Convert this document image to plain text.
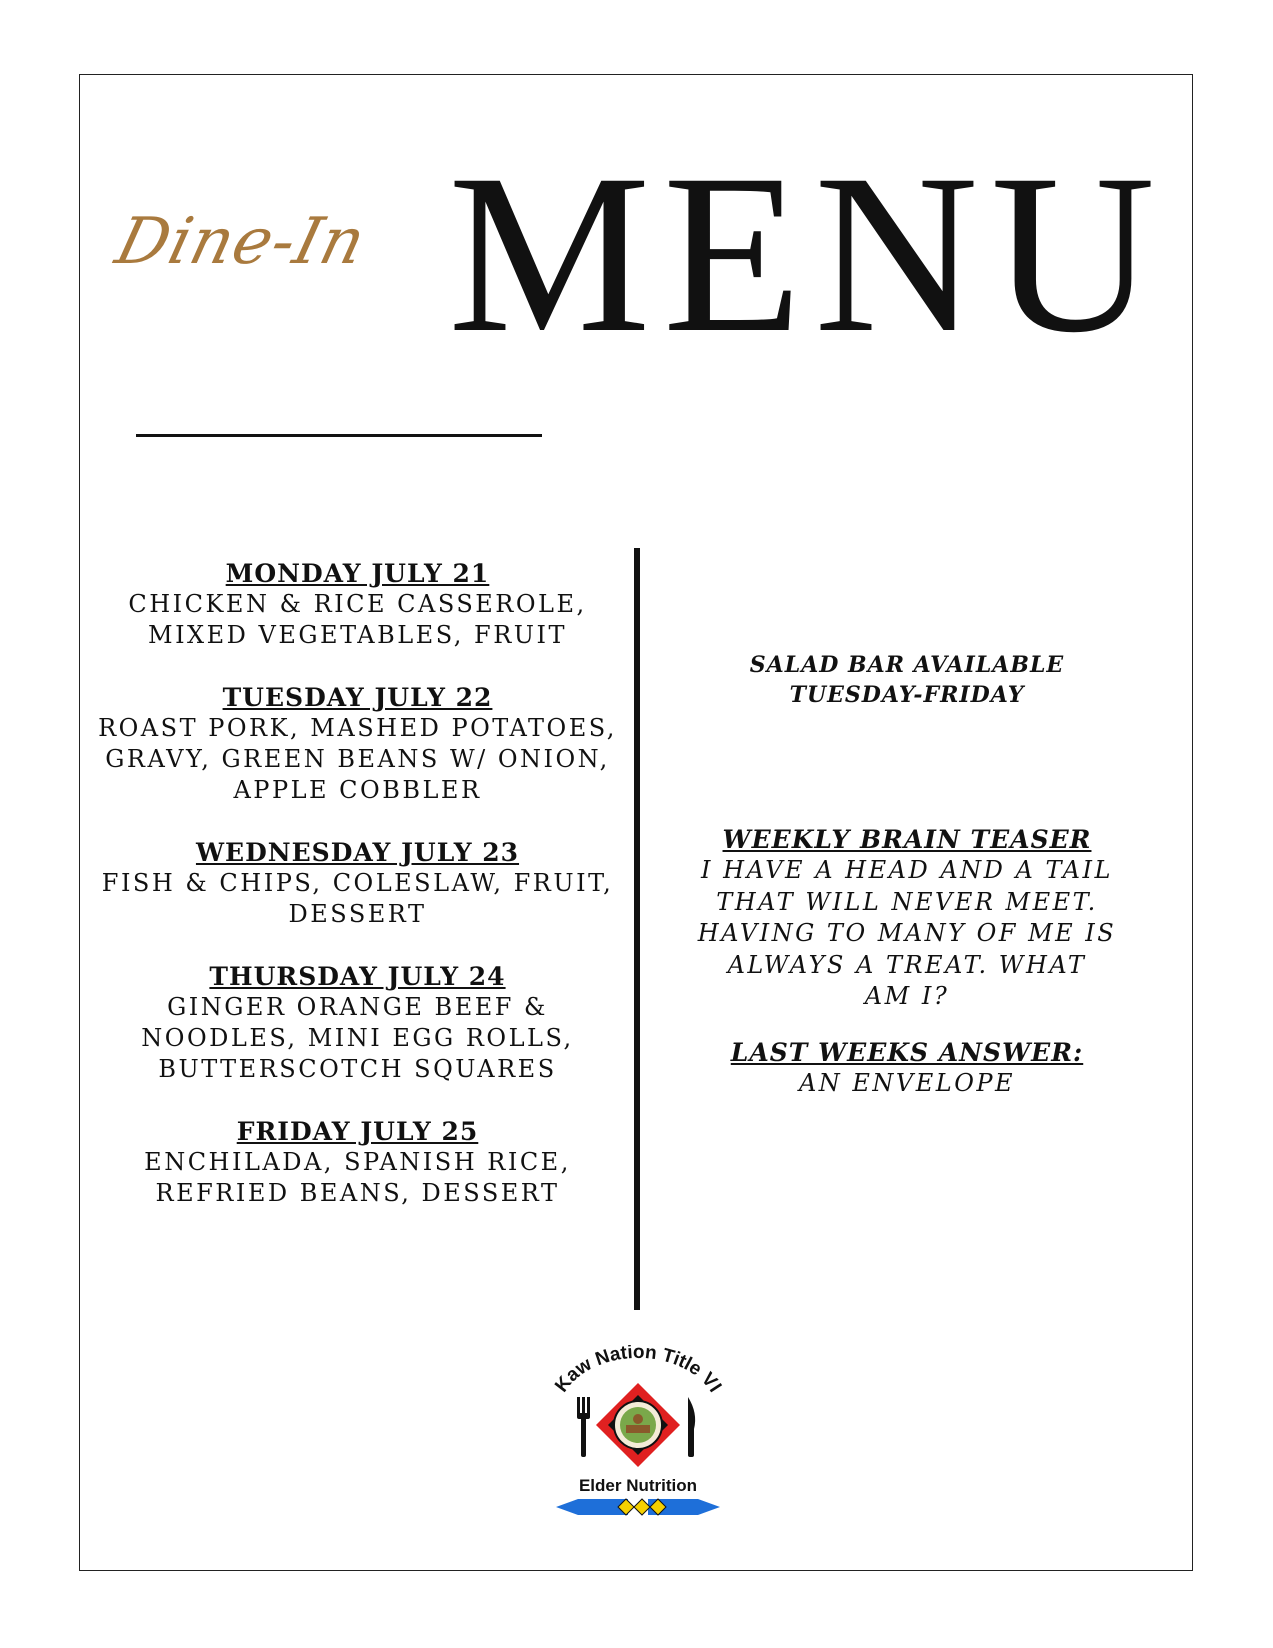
Dine-In MENU
MONDAY JULY 21
CHICKEN & RICE CASSEROLE,
MIXED VEGETABLES, FRUIT
TUESDAY JULY 22
ROAST PORK, MASHED POTATOES,
GRAVY, GREEN BEANS W/ ONION,
APPLE COBBLER
WEDNESDAY JULY 23
FISH & CHIPS, COLESLAW, FRUIT,
DESSERT
THURSDAY JULY 24
GINGER ORANGE BEEF &
NOODLES, MINI EGG ROLLS,
BUTTERSCOTCH SQUARES
FRIDAY JULY 25
ENCHILADA, SPANISH RICE,
REFRIED BEANS, DESSERT
SALAD BAR AVAILABLE
TUESDAY-FRIDAY
WEEKLY BRAIN TEASER
I HAVE A HEAD AND A TAIL
THAT WILL NEVER MEET.
HAVING TO MANY OF ME IS
ALWAYS A TREAT. WHAT
AM I?
LAST WEEKS ANSWER:
AN ENVELOPE
Kaw Nation Title VI
Elder Nutrition
